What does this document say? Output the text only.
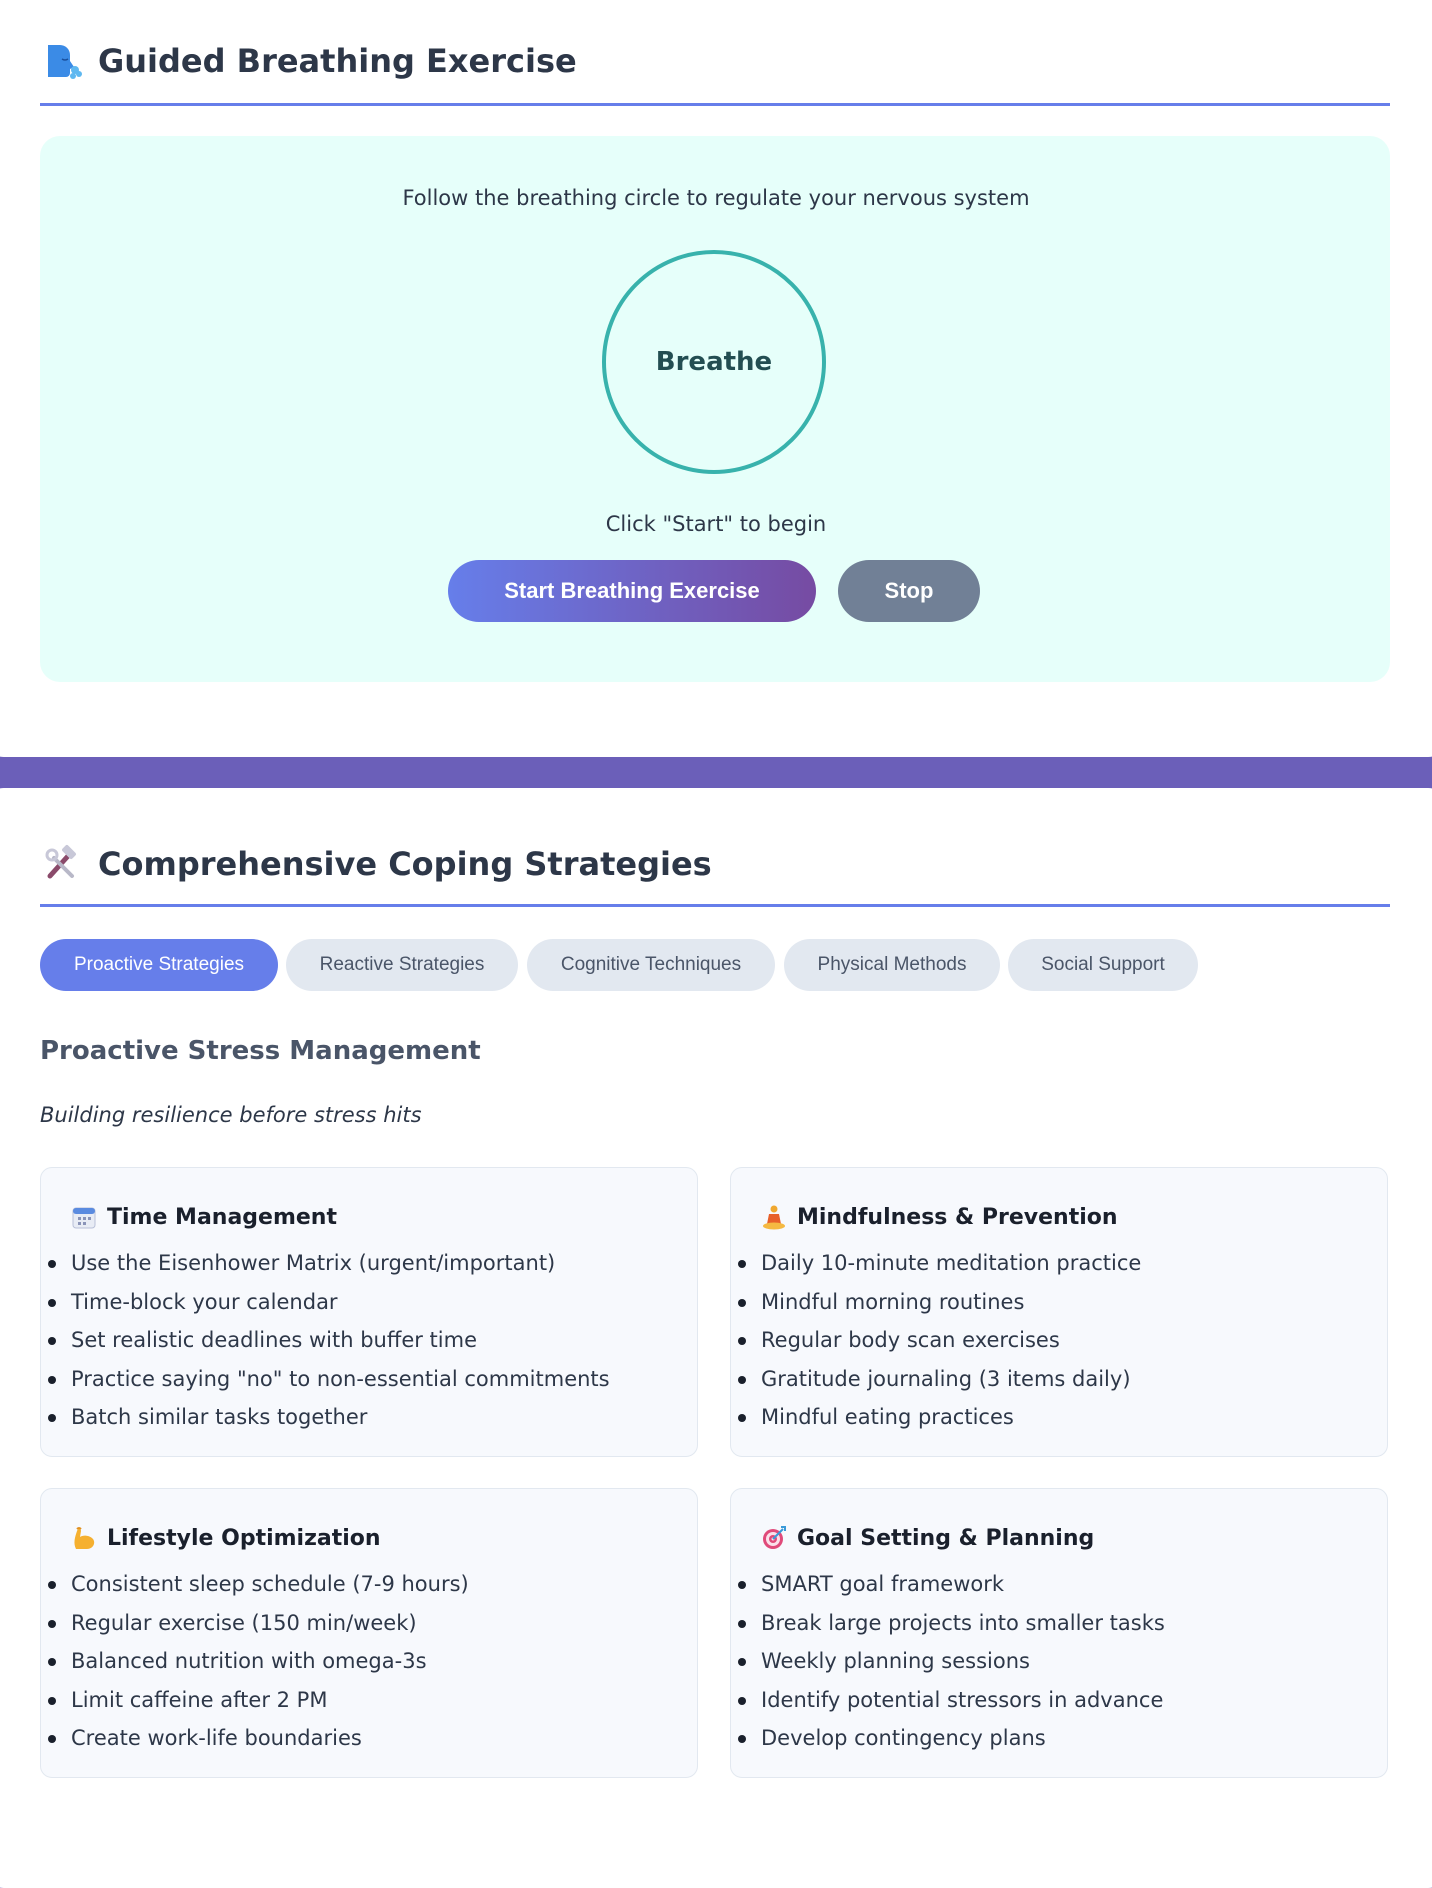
Guided Breathing Exercise
Follow the breathing circle to regulate your nervous system
Breathe
Click "Start" to begin
Start Breathing Exercise	Stop
Comprehensive Coping Strategies
Proactive Strategies	Reactive Strategies	Cognitive Techniques	Physical Methods	Social Support
Proactive Stress Management
Building resilience before stress hits
Time Management
Use the Eisenhower Matrix (urgent/important)
Time-block your calendar
Set realistic deadlines with buffer time
Practice saying "no" to non-essential commitments
Batch similar tasks together
Mindfulness & Prevention
Daily 10-minute meditation practice
Mindful morning routines
Regular body scan exercises
Gratitude journaling (3 items daily)
Mindful eating practices
Lifestyle Optimization
Consistent sleep schedule (7-9 hours)
Regular exercise (150 min/week)
Balanced nutrition with omega-3s
Limit caffeine after 2 PM
Create work-life boundaries
Goal Setting & Planning
SMART goal framework
Break large projects into smaller tasks
Weekly planning sessions
Identify potential stressors in advance
Develop contingency plans
